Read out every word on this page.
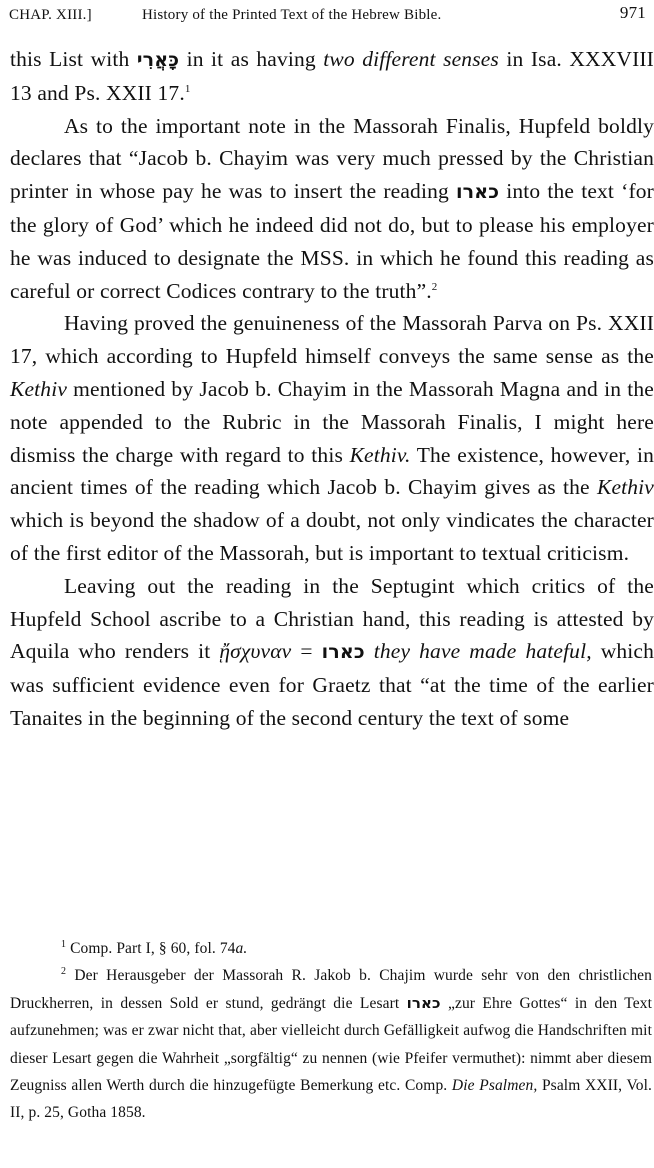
CHAP. XIII.]	History of the Printed Text of the Hebrew Bible.	971

this List with כָּאֲרִי in it as having two different senses in Isa. XXXVIII 13 and Ps. XXII 17.$^1$

As to the important note in the Massorah Finalis, Hupfeld boldly declares that “Jacob b. Chayim was very much pressed by the Christian printer in whose pay he was to insert the reading כארו into the text ‘for the glory of God’ which he indeed did not do, but to please his employer he was induced to designate the MSS. in which he found this reading as careful or correct Codices contrary to the truth”.$^2$

Having proved the genuineness of the Massorah Parva on Ps. XXII 17, which according to Hupfeld himself conveys the same sense as the Kethiv mentioned by Jacob b. Chayim in the Massorah Magna and in the note appended to the Rubric in the Massorah Finalis, I might here dismiss the charge with regard to this Kethiv. The existence, however, in ancient times of the reading which Jacob b. Chayim gives as the Kethiv which is beyond the shadow of a doubt, not only vindicates the character of the first editor of the Massorah, but is important to textual criticism.

Leaving out the reading in the Septugint which critics of the Hupfeld School ascribe to a Christian hand, this reading is attested by Aquila who renders it ᾔσχυναν = כארו they have made hateful, which was sufficient evidence even for Graetz that “at the time of the earlier Tanaites in the beginning of the second century the text of some

$^1$ Comp. Part I, § 60, fol. 74a.

$^2$ Der Herausgeber der Massorah R. Jakob b. Chajim wurde sehr von den christlichen Druckherren, in dessen Sold er stund, gedrängt die Lesart כארו „zur Ehre Gottes“ in den Text aufzunehmen; was er zwar nicht that, aber vielleicht durch Gefälligkeit aufwog die Handschriften mit dieser Lesart gegen die Wahrheit „sorgfältig“ zu nennen (wie Pfeifer vermuthet): nimmt aber diesem Zeugniss allen Werth durch die hinzugefügte Bemerkung etc. Comp. Die Psalmen, Psalm XXII, Vol. II, p. 25, Gotha 1858.
